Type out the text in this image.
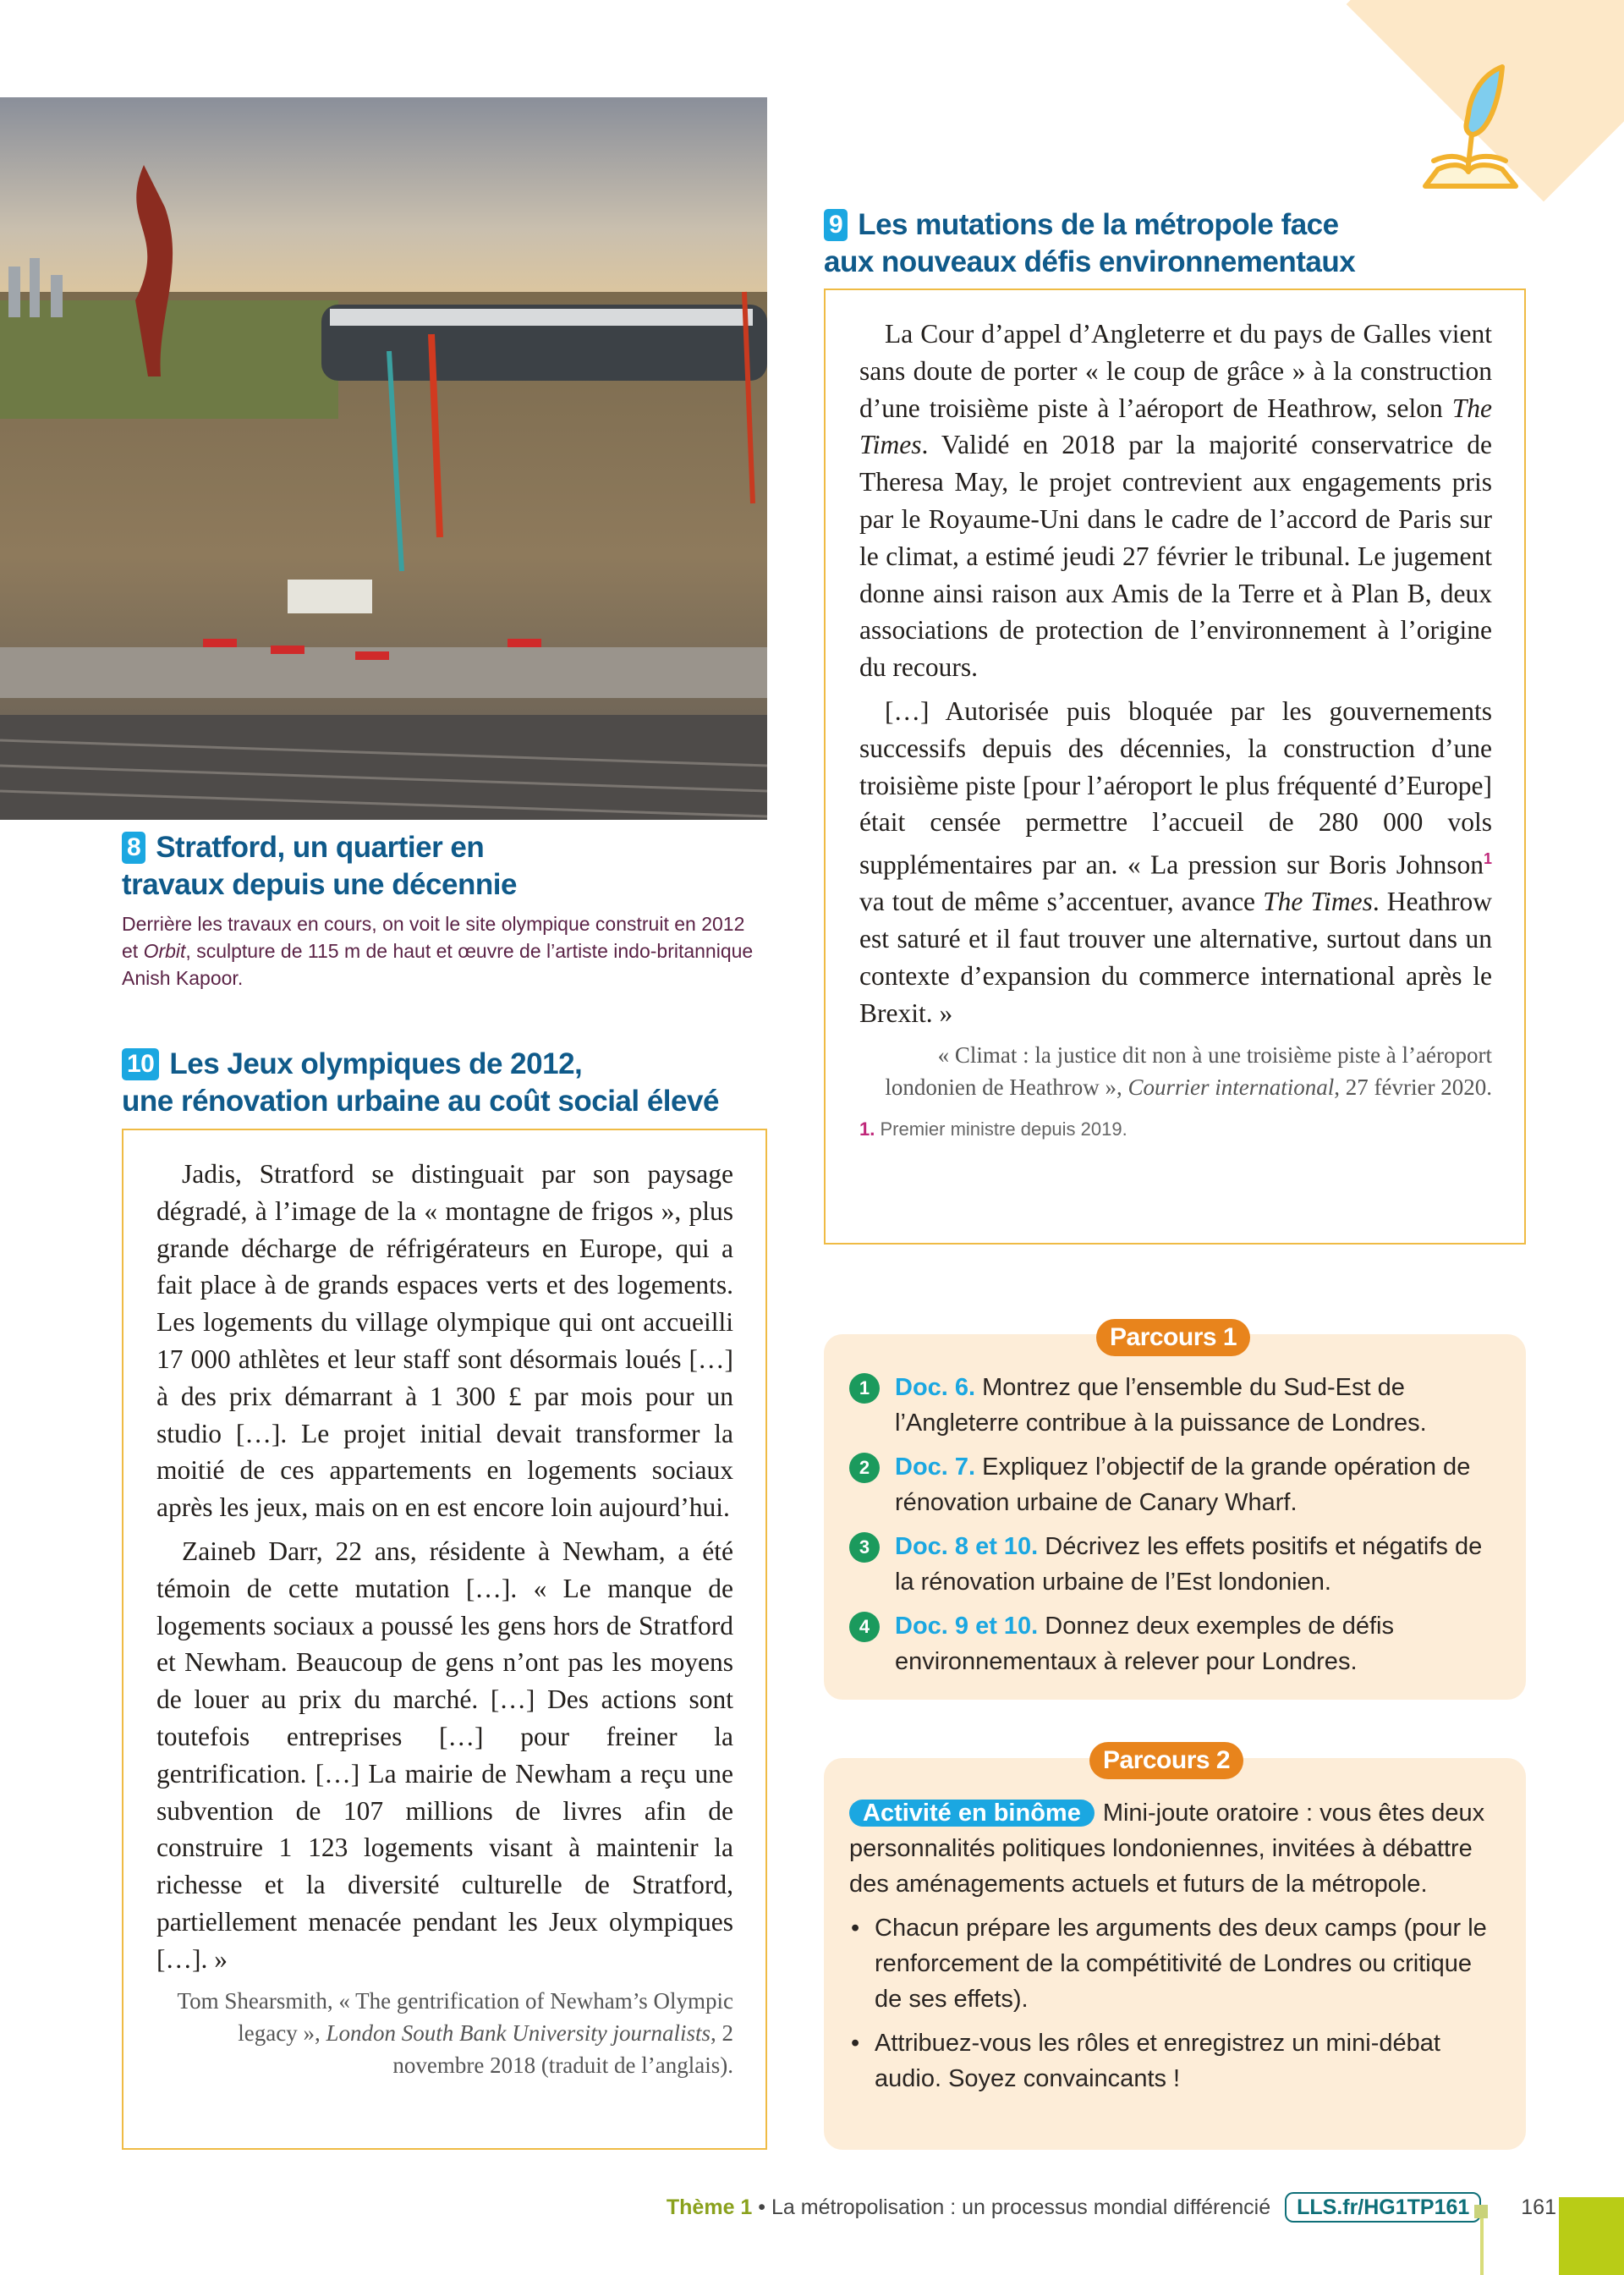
8 Stratford, un quartier en
travaux depuis une décennie
Derrière les travaux en cours, on voit le site olympique construit en 2012 et Orbit, sculpture de 115 m de haut et œuvre de l’artiste indo-britannique Anish Kapoor.
10 Les Jeux olympiques de 2012,
une rénovation urbaine au coût social élevé

Jadis, Stratford se distinguait par son paysage dégradé, à l’image de la « montagne de frigos », plus grande décharge de réfrigérateurs en Europe, qui a fait place à de grands espaces verts et des logements. Les logements du village olympique qui ont accueilli 17 000 athlètes et leur staff sont désormais loués […] à des prix démarrant à 1 300 £ par mois pour un studio […]. Le projet initial devait transformer la moitié de ces appartements en logements sociaux après les jeux, mais on en est encore loin aujourd’hui.

Zaineb Darr, 22 ans, résidente à Newham, a été témoin de cette mutation […]. « Le manque de logements sociaux a poussé les gens hors de Stratford et Newham. Beaucoup de gens n’ont pas les moyens de louer au prix du marché. […] Des actions sont toutefois entreprises […] pour freiner la gentrification. […] La mairie de Newham a reçu une subvention de 107 millions de livres afin de construire 1 123 logements visant à maintenir la richesse et la diversité culturelle de Stratford, partiellement menacée pendant les Jeux olympiques […]. »

Tom Shearsmith, « The gentrification of Newham’s Olympic legacy », London South Bank University journalists, 2 novembre 2018 (traduit de l’anglais).
9 Les mutations de la métropole face
aux nouveaux défis environnementaux

La Cour d’appel d’Angleterre et du pays de Galles vient sans doute de porter « le coup de grâce » à la construction d’une troisième piste à l’aéroport de Heathrow, selon The Times. Validé en 2018 par la majorité conservatrice de Theresa May, le projet contrevient aux engagements pris par le Royaume-Uni dans le cadre de l’accord de Paris sur le climat, a estimé jeudi 27 février le tribunal. Le jugement donne ainsi raison aux Amis de la Terre et à Plan B, deux associations de protection de l’environnement à l’origine du recours.

[…] Autorisée puis bloquée par les gouvernements successifs depuis des décennies, la construction d’une troisième piste [pour l’aéroport le plus fréquenté d’Europe] était censée permettre l’accueil de 280 000 vols supplémentaires par an. « La pression sur Boris Johnson$^1$ va tout de même s’accentuer, avance The Times. Heathrow est saturé et il faut trouver une alternative, surtout dans un contexte d’expansion du commerce international après le Brexit. »

« Climat : la justice dit non à une troisième piste à l’aéroport londonien de Heathrow », Courrier international, 27 février 2020.
1. Premier ministre depuis 2019.
1	Doc. 6. Montrez que l’ensemble du Sud-Est de l’Angleterre contribue à la puissance de Londres.
2	Doc. 7. Expliquez l’objectif de la grande opération de rénovation urbaine de Canary Wharf.
3	Doc. 8 et 10. Décrivez les effets positifs et négatifs de la rénovation urbaine de l’Est londonien.
4	Doc. 9 et 10. Donnez deux exemples de défis environnementaux à relever pour Londres.
Parcours 1
Activité en binôme Mini-joute oratoire : vous êtes deux personnalités politiques londoniennes, invitées à débattre des aménagements actuels et futurs de la métropole.
• Chacun prépare les arguments des deux camps (pour le renforcement de la compétitivité de Londres ou critique de ses effets).
• Attribuez-vous les rôles et enregistrez un mini-débat audio. Soyez convaincants !
Parcours 2
Thème 1 • La métropolisation : un processus mondial différencié LLS.fr/HG1TP161 161
